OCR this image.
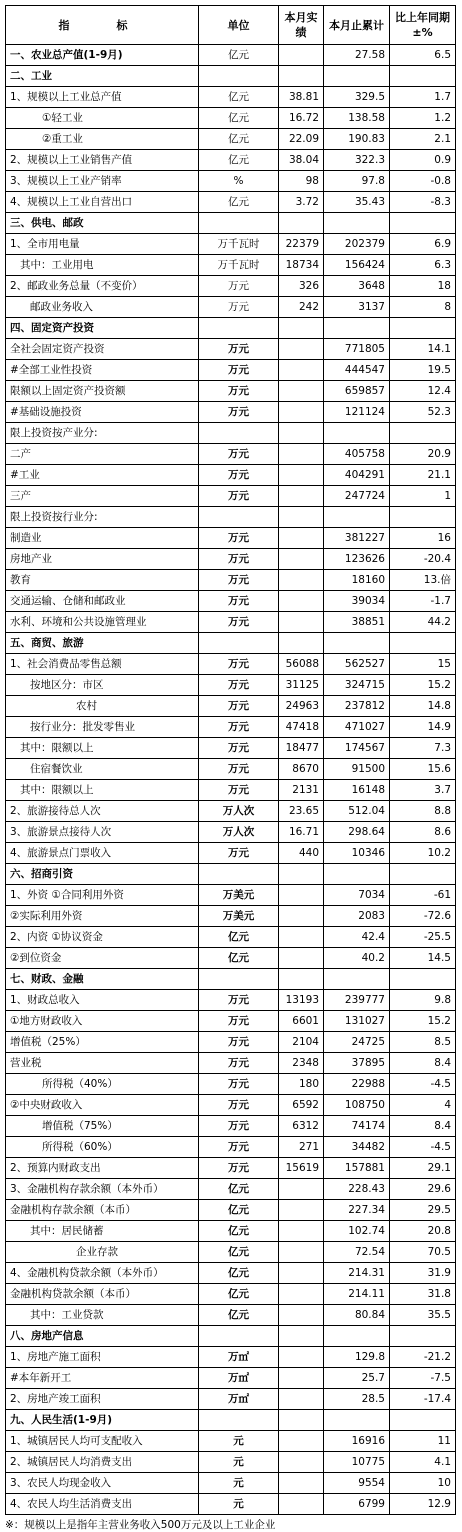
指　标	单位	本月实绩	本月止累计	比上年同期±%
一、农业总产值(1-9月)	亿元		27.58	6.5
二、工业				
1、规模以上工业总产值	亿元	38.81	329.5	1.7
①轻工业	亿元	16.72	138.58	1.2
②重工业	亿元	22.09	190.83	2.1
2、规模以上工业销售产值	亿元	38.04	322.3	0.9
3、规模以上工业产销率	%	98	97.8	-0.8
4、规模以上工业自营出口	亿元	3.72	35.43	-8.3
三、供电、邮政				
1、全市用电量	万千瓦时	22379	202379	6.9
其中：工业用电	万千瓦时	18734	156424	6.3
2、邮政业务总量（不变价）	万元	326	3648	18
邮政业务收入	万元	242	3137	8
四、固定资产投资				
全社会固定资产投资	万元		771805	14.1
#全部工业性投资	万元		444547	19.5
限额以上固定资产投资额	万元		659857	12.4
#基础设施投资	万元		121124	52.3
限上投资按产业分:				
二产	万元		405758	20.9
#工业	万元		404291	21.1
三产	万元		247724	1
限上投资按行业分:				
制造业	万元		381227	16
房地产业	万元		123626	-20.4
教育	万元		18160	13.倍
交通运输、仓储和邮政业	万元		39034	-1.7
水利、环境和公共设施管理业	万元		38851	44.2
五、商贸、旅游				
1、社会消费品零售总额	万元	56088	562527	15
按地区分：市区	万元	31125	324715	15.2
农村	万元	24963	237812	14.8
按行业分：批发零售业	万元	47418	471027	14.9
其中：限额以上	万元	18477	174567	7.3
住宿餐饮业	万元	8670	91500	15.6
其中：限额以上	万元	2131	16148	3.7
2、旅游接待总人次	万人次	23.65	512.04	8.8
3、旅游景点接待人次	万人次	16.71	298.64	8.6
4、旅游景点门票收入	万元	440	10346	10.2
六、招商引资				
1、外资 ①合同利用外资	万美元		7034	-61
②实际利用外资	万美元		2083	-72.6
2、内资 ①协议资金	亿元		42.4	-25.5
②到位资金	亿元		40.2	14.5
七、财政、金融				
1、财政总收入	万元	13193	239777	9.8
①地方财政收入	万元	6601	131027	15.2
增值税（25%）	万元	2104	24725	8.5
营业税	万元	2348	37895	8.4
所得税（40%）	万元	180	22988	-4.5
②中央财政收入	万元	6592	108750	4
增值税（75%）	万元	6312	74174	8.4
所得税（60%）	万元	271	34482	-4.5
2、预算内财政支出	万元	15619	157881	29.1
3、金融机构存款余额（本外币）	亿元		228.43	29.6
金融机构存款余额（本币）	亿元		227.34	29.5
其中：居民储蓄	亿元		102.74	20.8
企业存款	亿元		72.54	70.5
4、金融机构贷款余额（本外币）	亿元		214.31	31.9
金融机构贷款余额（本币）	亿元		214.11	31.8
其中：工业贷款	亿元		80.84	35.5
八、房地产信息				
1、房地产施工面积	万㎡		129.8	-21.2
#本年新开工	万㎡		25.7	-7.5
2、房地产竣工面积	万㎡		28.5	-17.4
九、人民生活(1-9月)				
1、城镇居民人均可支配收入	元		16916	11
2、城镇居民人均消费支出	元		10775	4.1
3、农民人均现金收入	元		9554	10
4、农民人均生活消费支出	元		6799	12.9
※：规模以上是指年主营业务收入500万元及以上工业企业
